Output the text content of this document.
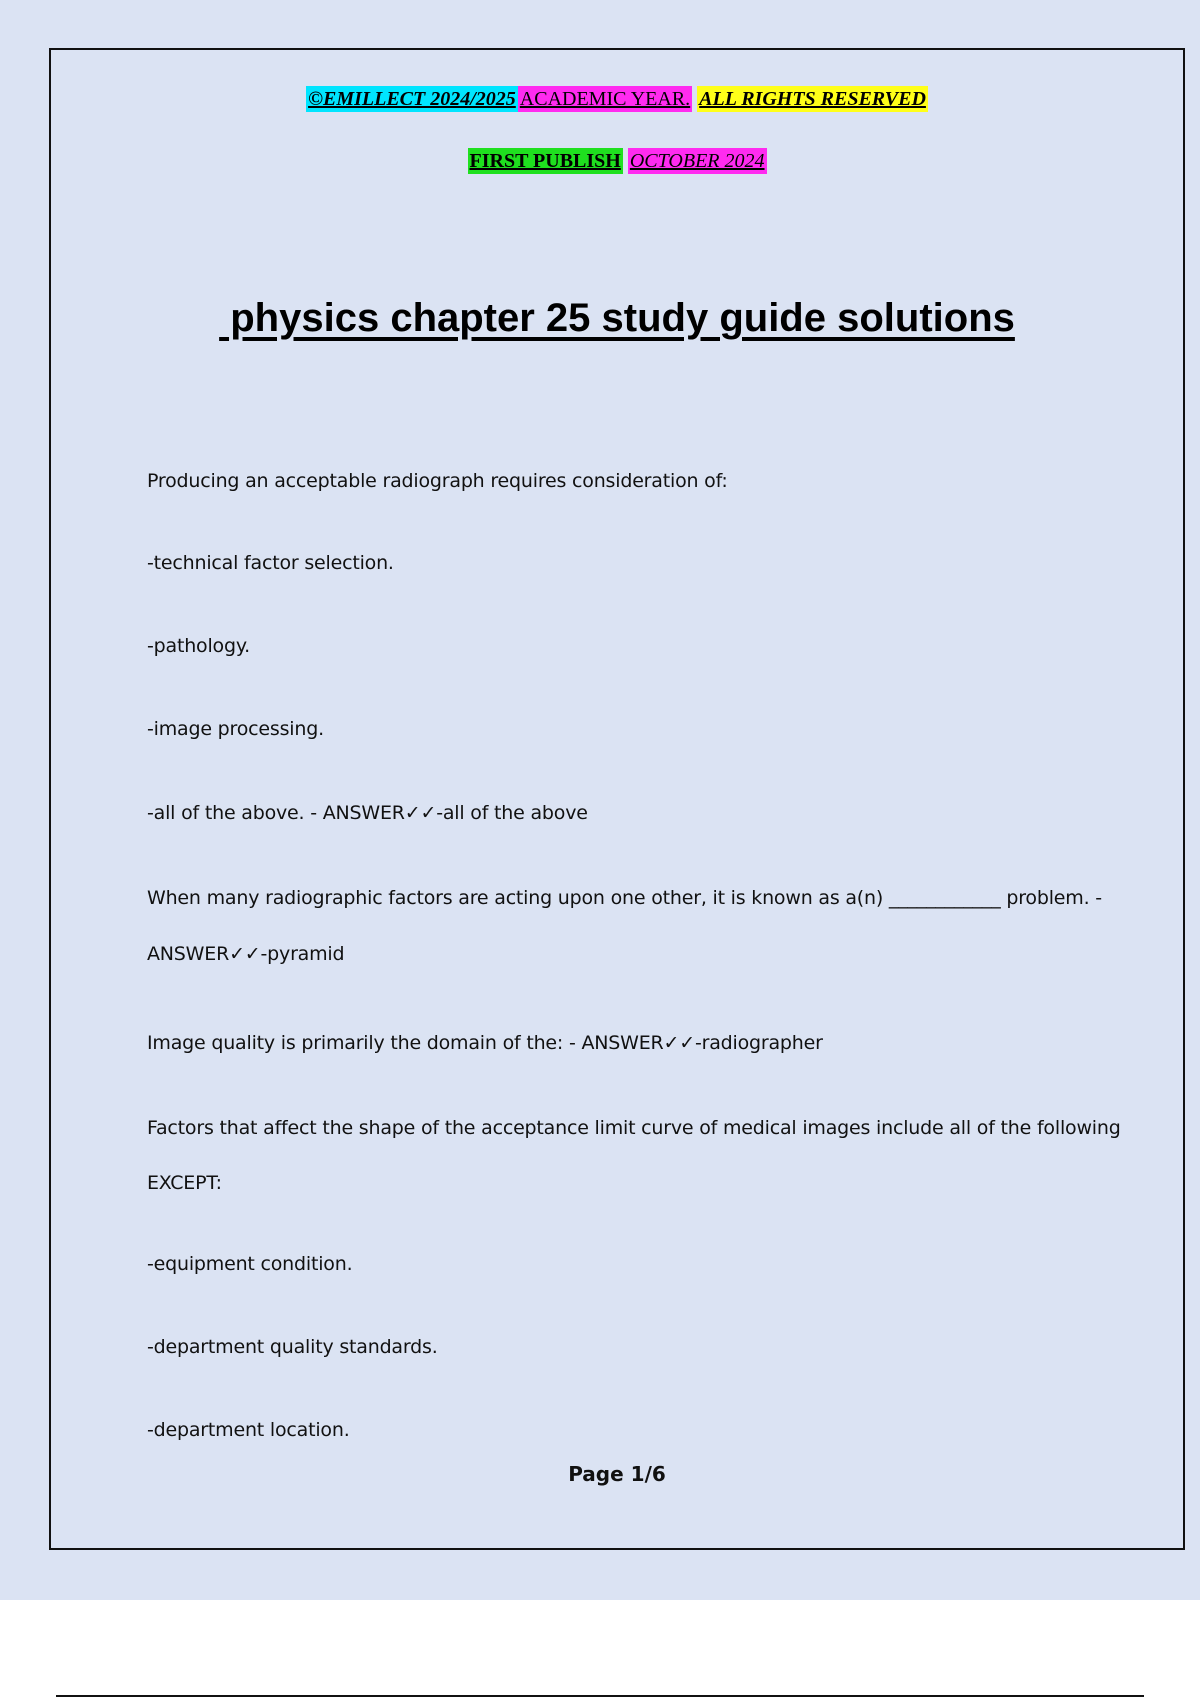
©EMILLECT 2024/2025 ACADEMIC YEAR. ALL RIGHTS RESERVED
FIRST PUBLISH OCTOBER 2024
physics chapter 25 study guide solutions
Producing an acceptable radiograph requires consideration of:
-technical factor selection.
-pathology.
-image processing.
-all of the above. - ANSWER✓✓-all of the above
When many radiographic factors are acting upon one other, it is known as a(n) ____________ problem. -
ANSWER✓✓-pyramid
Image quality is primarily the domain of the: - ANSWER✓✓-radiographer
Factors that affect the shape of the acceptance limit curve of medical images include all of the following
EXCEPT:
-equipment condition.
-department quality standards.
-department location.
Page 1/6
